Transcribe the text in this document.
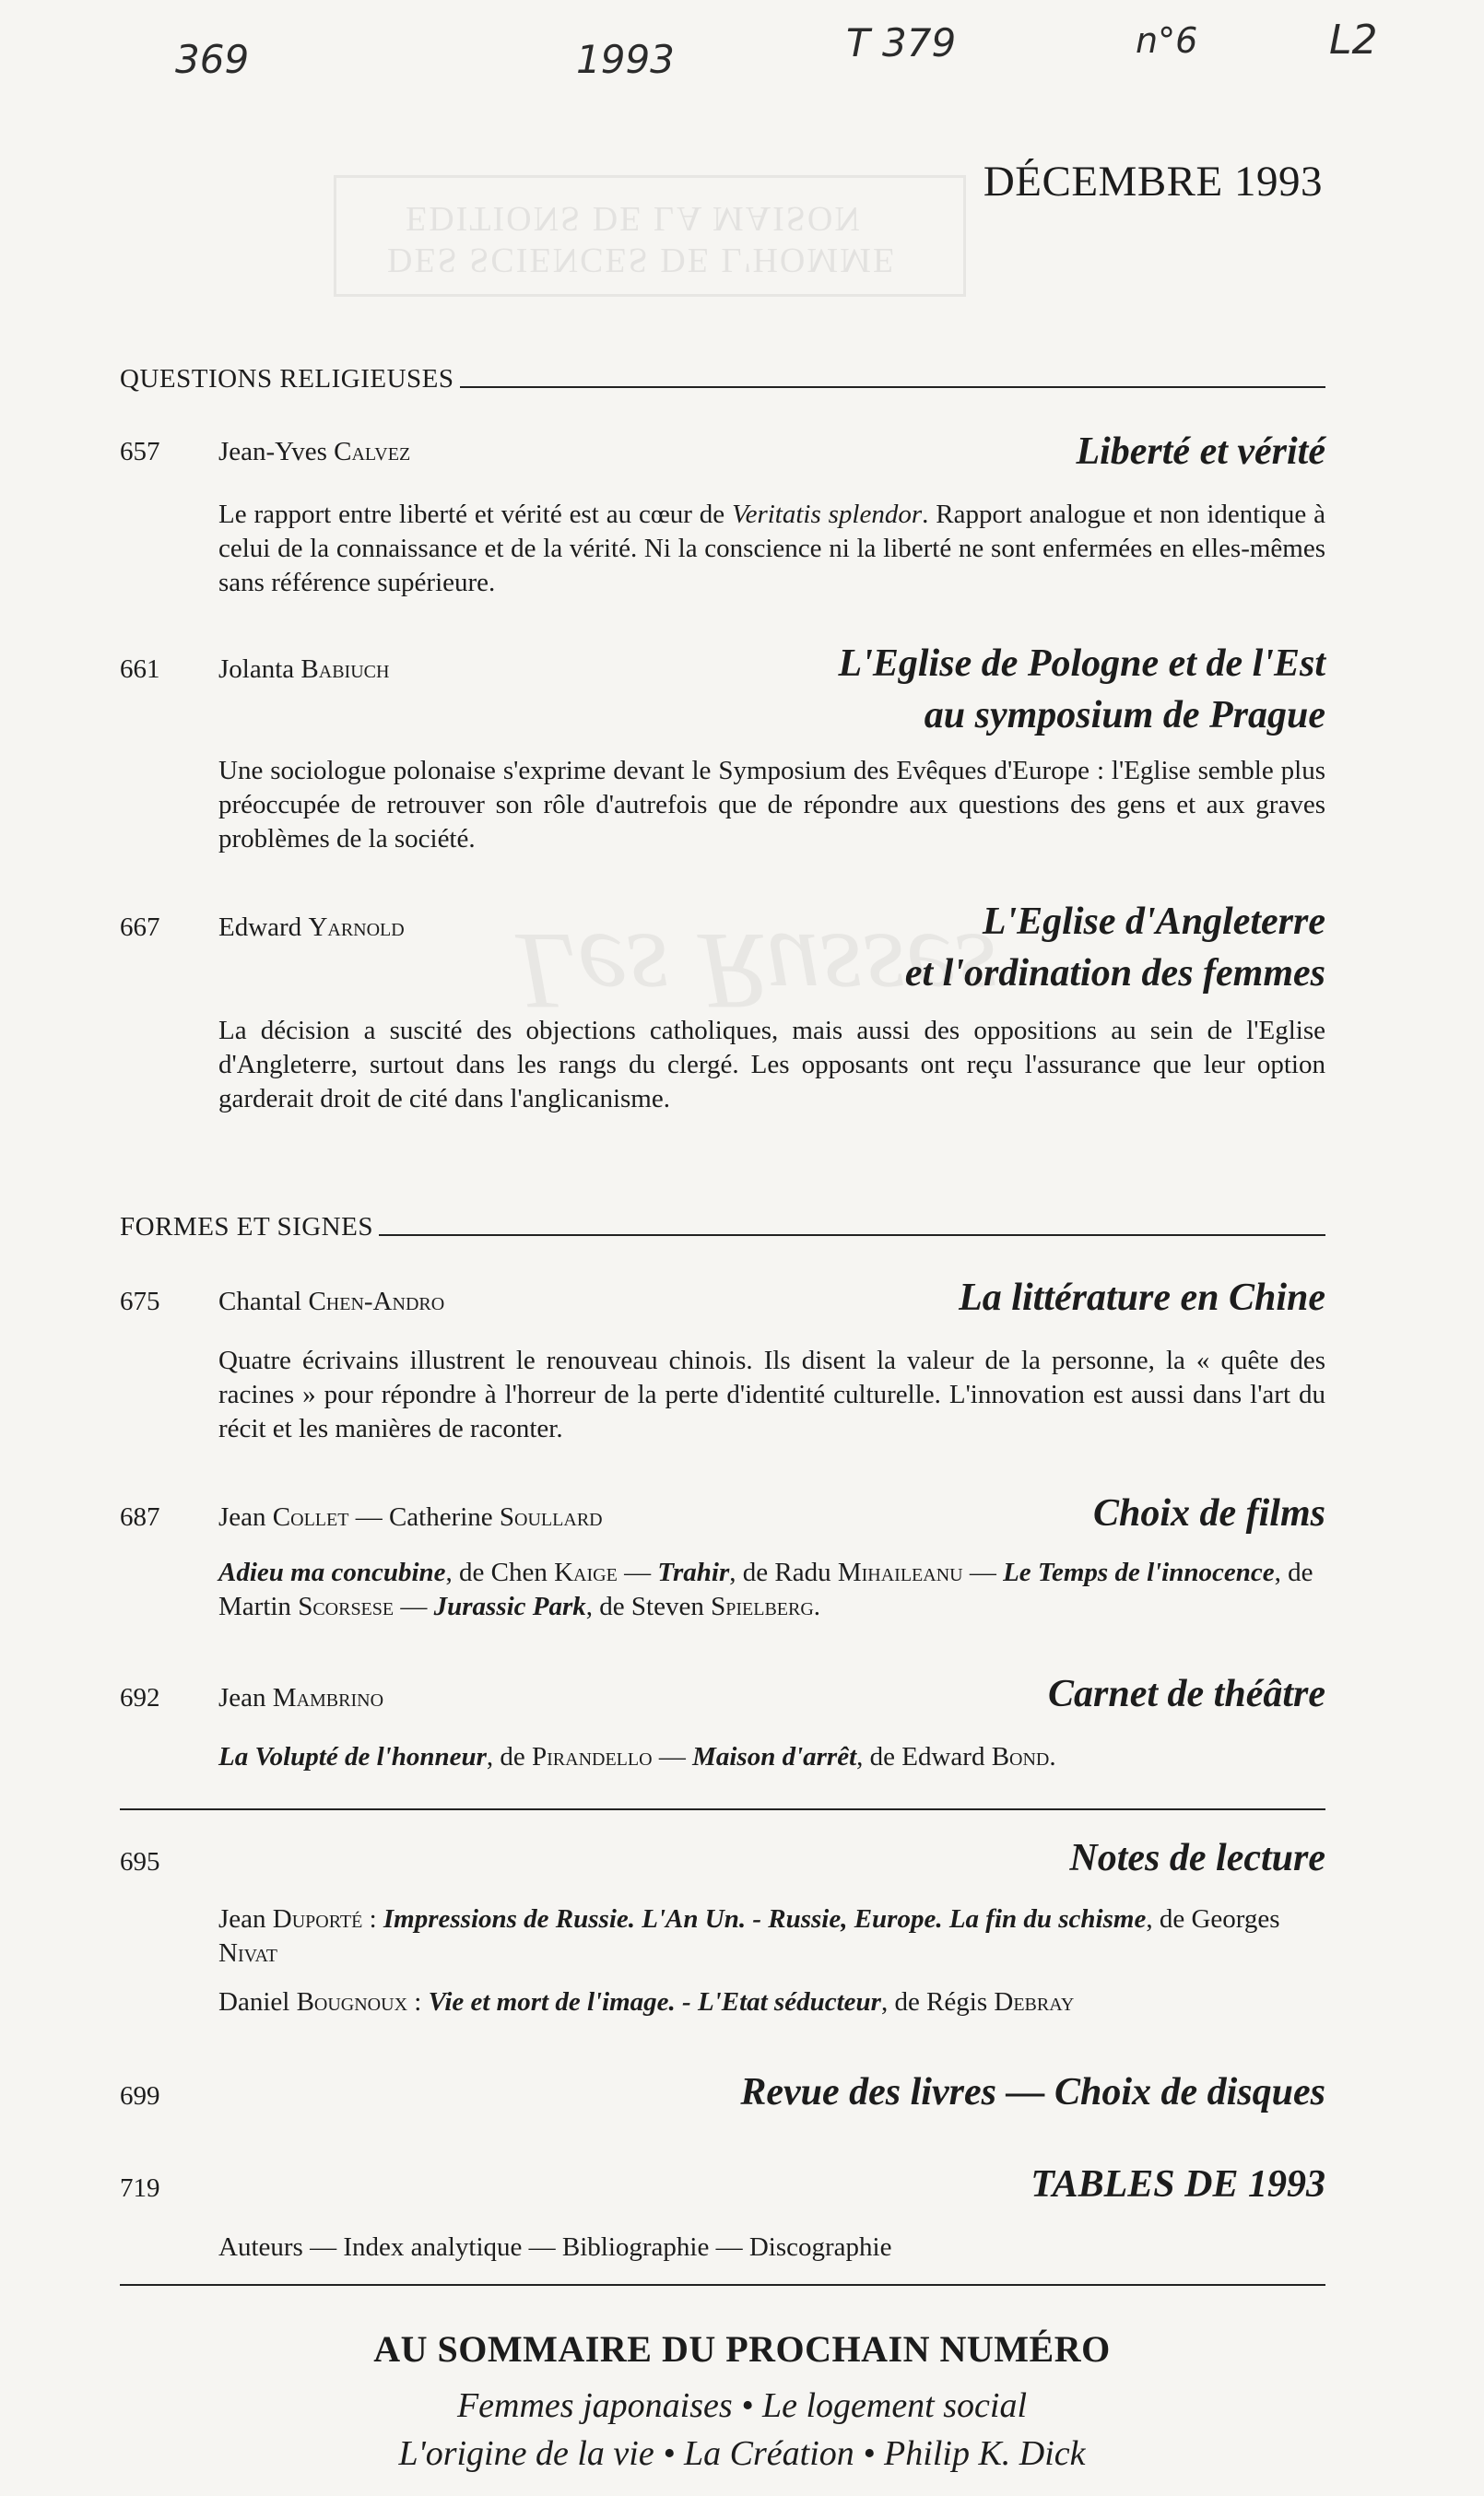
EDITIONS DE LA MAISON
DES SCIENCES DE L'HOMME
Les Russes
369	1993	T 379	n°6	L2
DÉCEMBRE 1993
QUESTIONS RELIGIEUSES
657 Jean-Yves Calvez	Liberté et vérité
Le rapport entre liberté et vérité est au cœur de Veritatis splendor. Rapport analogue et non identique à celui de la connaissance et de la vérité. Ni la conscience ni la liberté ne sont enfermées en elles-mêmes sans référence supérieure.
661 Jolanta Babiuch	L'Eglise de Pologne et de l'Est
au symposium de Prague
Une sociologue polonaise s'exprime devant le Symposium des Evêques d'Europe : l'Eglise semble plus préoccupée de retrouver son rôle d'autrefois que de répondre aux questions des gens et aux graves problèmes de la société.
667 Edward Yarnold	L'Eglise d'Angleterre
et l'ordination des femmes
La décision a suscité des objections catholiques, mais aussi des oppositions au sein de l'Eglise d'Angleterre, surtout dans les rangs du clergé. Les opposants ont reçu l'assurance que leur option garderait droit de cité dans l'anglicanisme.
FORMES ET SIGNES
675 Chantal Chen-Andro	La littérature en Chine
Quatre écrivains illustrent le renouveau chinois. Ils disent la valeur de la personne, la « quête des racines » pour répondre à l'horreur de la perte d'identité culturelle. L'innovation est aussi dans l'art du récit et les manières de raconter.
687 Jean Collet — Catherine Soullard	Choix de films
Adieu ma concubine, de Chen Kaige — Trahir, de Radu Mihaileanu — Le Temps de l'innocence, de Martin Scorsese — Jurassic Park, de Steven Spielberg.
692 Jean Mambrino	Carnet de théâtre
La Volupté de l'honneur, de Pirandello — Maison d'arrêt, de Edward Bond.
695	Notes de lecture
Jean Duporté : Impressions de Russie. L'An Un. - Russie, Europe. La fin du schisme, de Georges Nivat
Daniel Bougnoux : Vie et mort de l'image. - L'Etat séducteur, de Régis Debray
699	Revue des livres — Choix de disques
719	TABLES DE 1993
Auteurs — Index analytique — Bibliographie — Discographie
AU SOMMAIRE DU PROCHAIN NUMÉRO
Femmes japonaises • Le logement social
L'origine de la vie • La Création • Philip K. Dick
